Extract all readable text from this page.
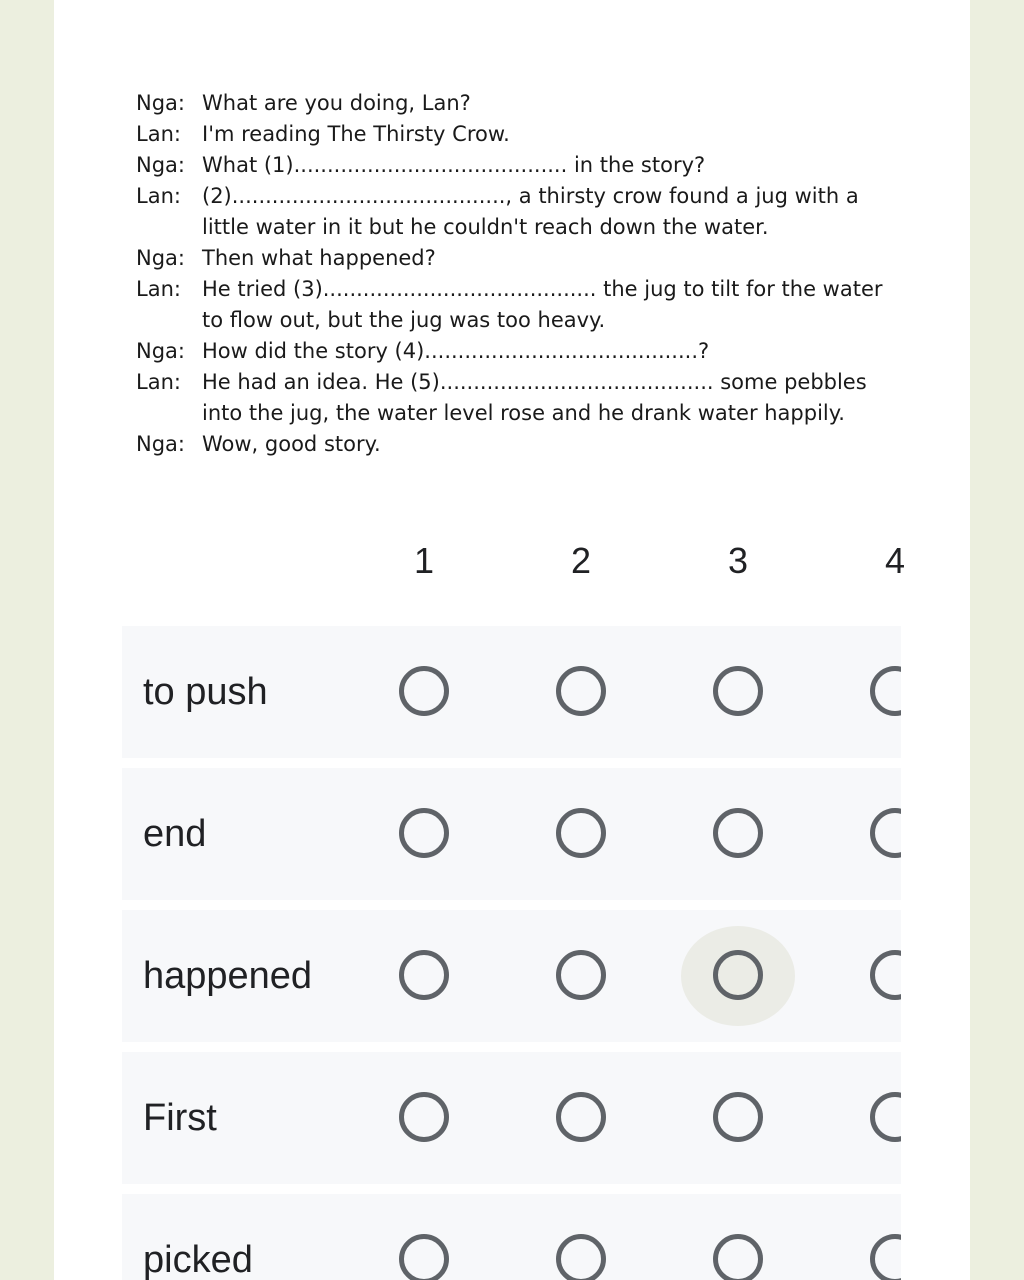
Nga: What are you doing, Lan?
Lan:	I'm reading The Thirsty Crow.
Nga: What (1)......................................... in the story?
Lan:	(2)........................................., a thirsty crow found a jug with a
little water in it but he couldn't reach down the water.
Nga: Then what happened?
Lan:	He tried (3)......................................... the jug to tilt for the water
to flow out, but the jug was too heavy.
Nga: How did the story (4).........................................?
Lan:	He had an idea. He (5)......................................... some pebbles
into the jug, the water level rose and he drank water happily.
Nga: Wow, good story.
1	2	3	4
to push
end
happened
First
picked
